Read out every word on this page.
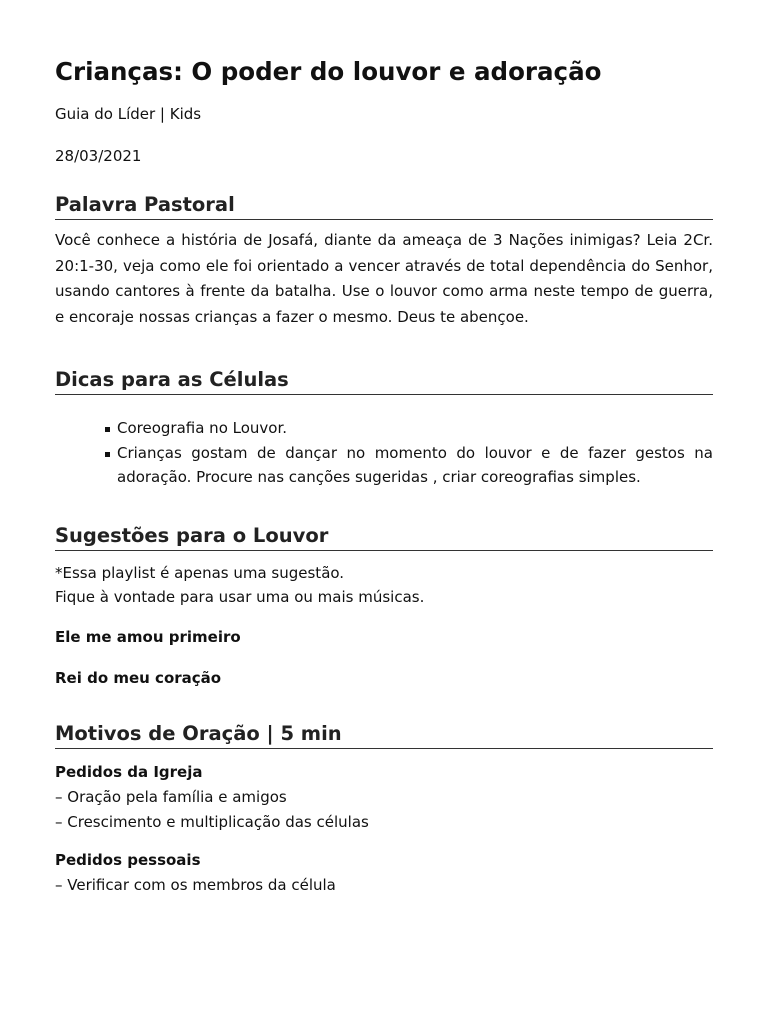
Crianças: O poder do louvor e adoração

Guia do Líder | Kids

28/03/2021

Palavra Pastoral

Você conhece a história de Josafá, diante da ameaça de 3 Nações inimigas? Leia 2Cr. 20:1-30, veja como ele foi orientado a vencer através de total dependência do Senhor, usando cantores à frente da batalha. Use o louvor como arma neste tempo de guerra, e encoraje nossas crianças a fazer o mesmo. Deus te abençoe.

Dicas para as Células
Coreografia no Louvor.
Crianças gostam de dançar no momento do louvor e de fazer gestos na adoração. Procure nas canções sugeridas , criar coreografias simples.
Sugestões para o Louvor

*Essa playlist é apenas uma sugestão.
Fique à vontade para usar uma ou mais músicas.

Ele me amou primeiro

Rei do meu coração

Motivos de Oração | 5 min

Pedidos da Igreja

– Oração pela família e amigos

– Crescimento e multiplicação das células

Pedidos pessoais

– Verificar com os membros da célula
